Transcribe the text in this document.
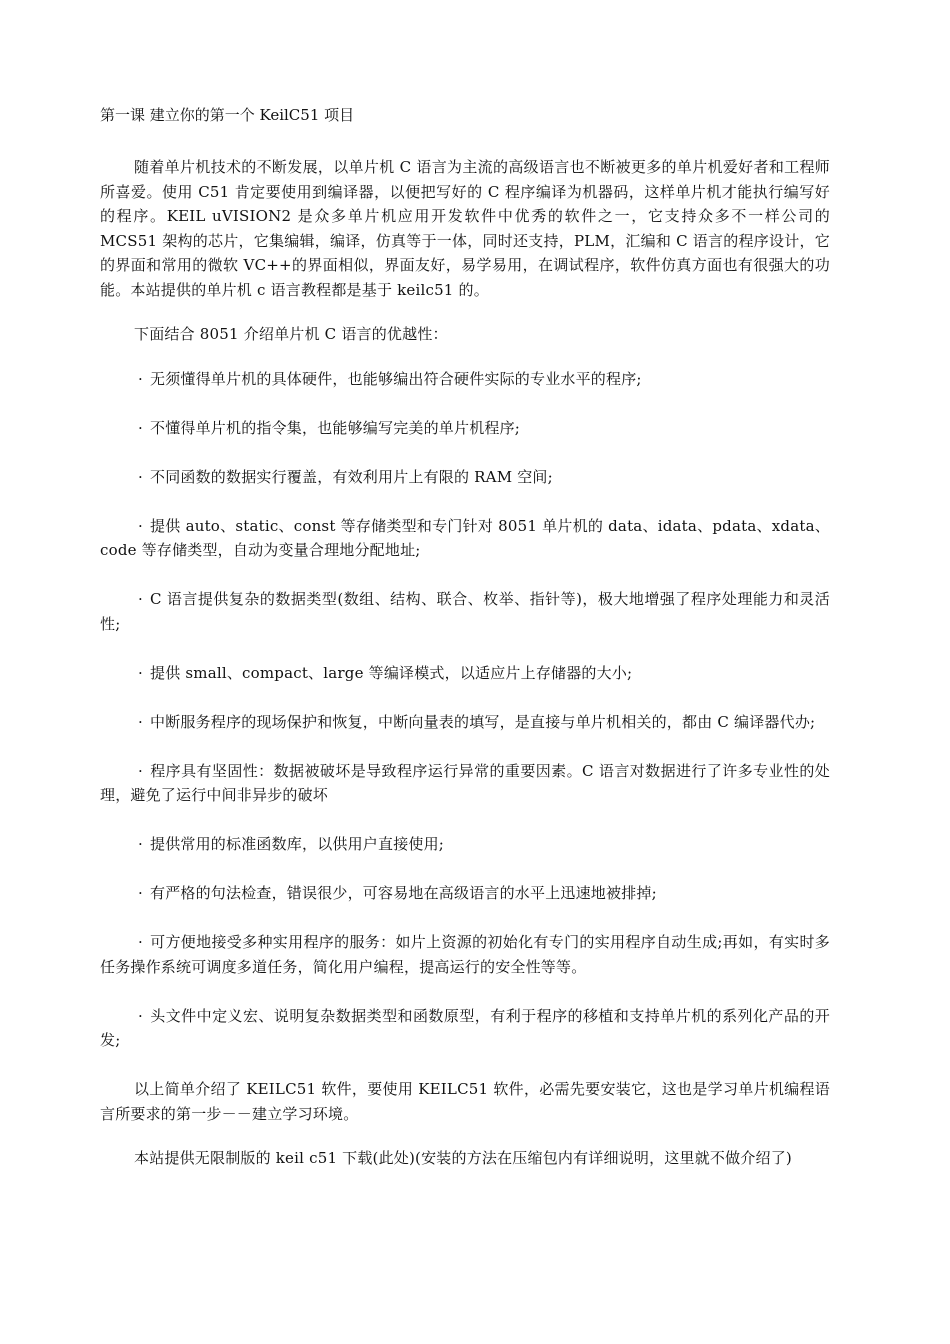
第一课 建立你的第一个 KeilC51 项目

随着单片机技术的不断发展，以单片机 C 语言为主流的高级语言也不断被更多的单片机爱好者和工程师所喜爱。使用 C51 肯定要使用到编译器，以便把写好的 C 程序编译为机器码，这样单片机才能执行编写好的程序。KEIL uVISION2 是众多单片机应用开发软件中优秀的软件之一，它支持众多不一样公司的 MCS51 架构的芯片，它集编辑，编译，仿真等于一体，同时还支持，PLM，汇编和 C 语言的程序设计，它的界面和常用的微软 VC++的界面相似，界面友好，易学易用，在调试程序，软件仿真方面也有很强大的功能。本站提供的单片机 c 语言教程都是基于 keilc51 的。

下面结合 8051 介绍单片机 C 语言的优越性：

· 无须懂得单片机的具体硬件，也能够编出符合硬件实际的专业水平的程序;

· 不懂得单片机的指令集，也能够编写完美的单片机程序;

· 不同函数的数据实行覆盖，有效利用片上有限的 RAM 空间;

· 提供 auto、static、const 等存储类型和专门针对 8051 单片机的 data、idata、pdata、xdata、code 等存储类型，自动为变量合理地分配地址;

· C 语言提供复杂的数据类型(数组、结构、联合、枚举、指针等)，极大地增强了程序处理能力和灵活性;

· 提供 small、compact、large 等编译模式，以适应片上存储器的大小;

· 中断服务程序的现场保护和恢复，中断向量表的填写，是直接与单片机相关的，都由 C 编译器代办;

· 程序具有坚固性：数据被破坏是导致程序运行异常的重要因素。C 语言对数据进行了许多专业性的处理，避免了运行中间非异步的破坏

· 提供常用的标准函数库，以供用户直接使用;

· 有严格的句法检查，错误很少，可容易地在高级语言的水平上迅速地被排掉;

· 可方便地接受多种实用程序的服务：如片上资源的初始化有专门的实用程序自动生成;再如，有实时多任务操作系统可调度多道任务，简化用户编程，提高运行的安全性等等。

· 头文件中定义宏、说明复杂数据类型和函数原型，有利于程序的移植和支持单片机的系列化产品的开发;

以上简单介绍了 KEILC51 软件，要使用 KEILC51 软件，必需先要安装它，这也是学习单片机编程语言所要求的第一步－－建立学习环境。

本站提供无限制版的 keil c51 下载(此处)(安装的方法在压缩包内有详细说明，这里就不做介绍了)
